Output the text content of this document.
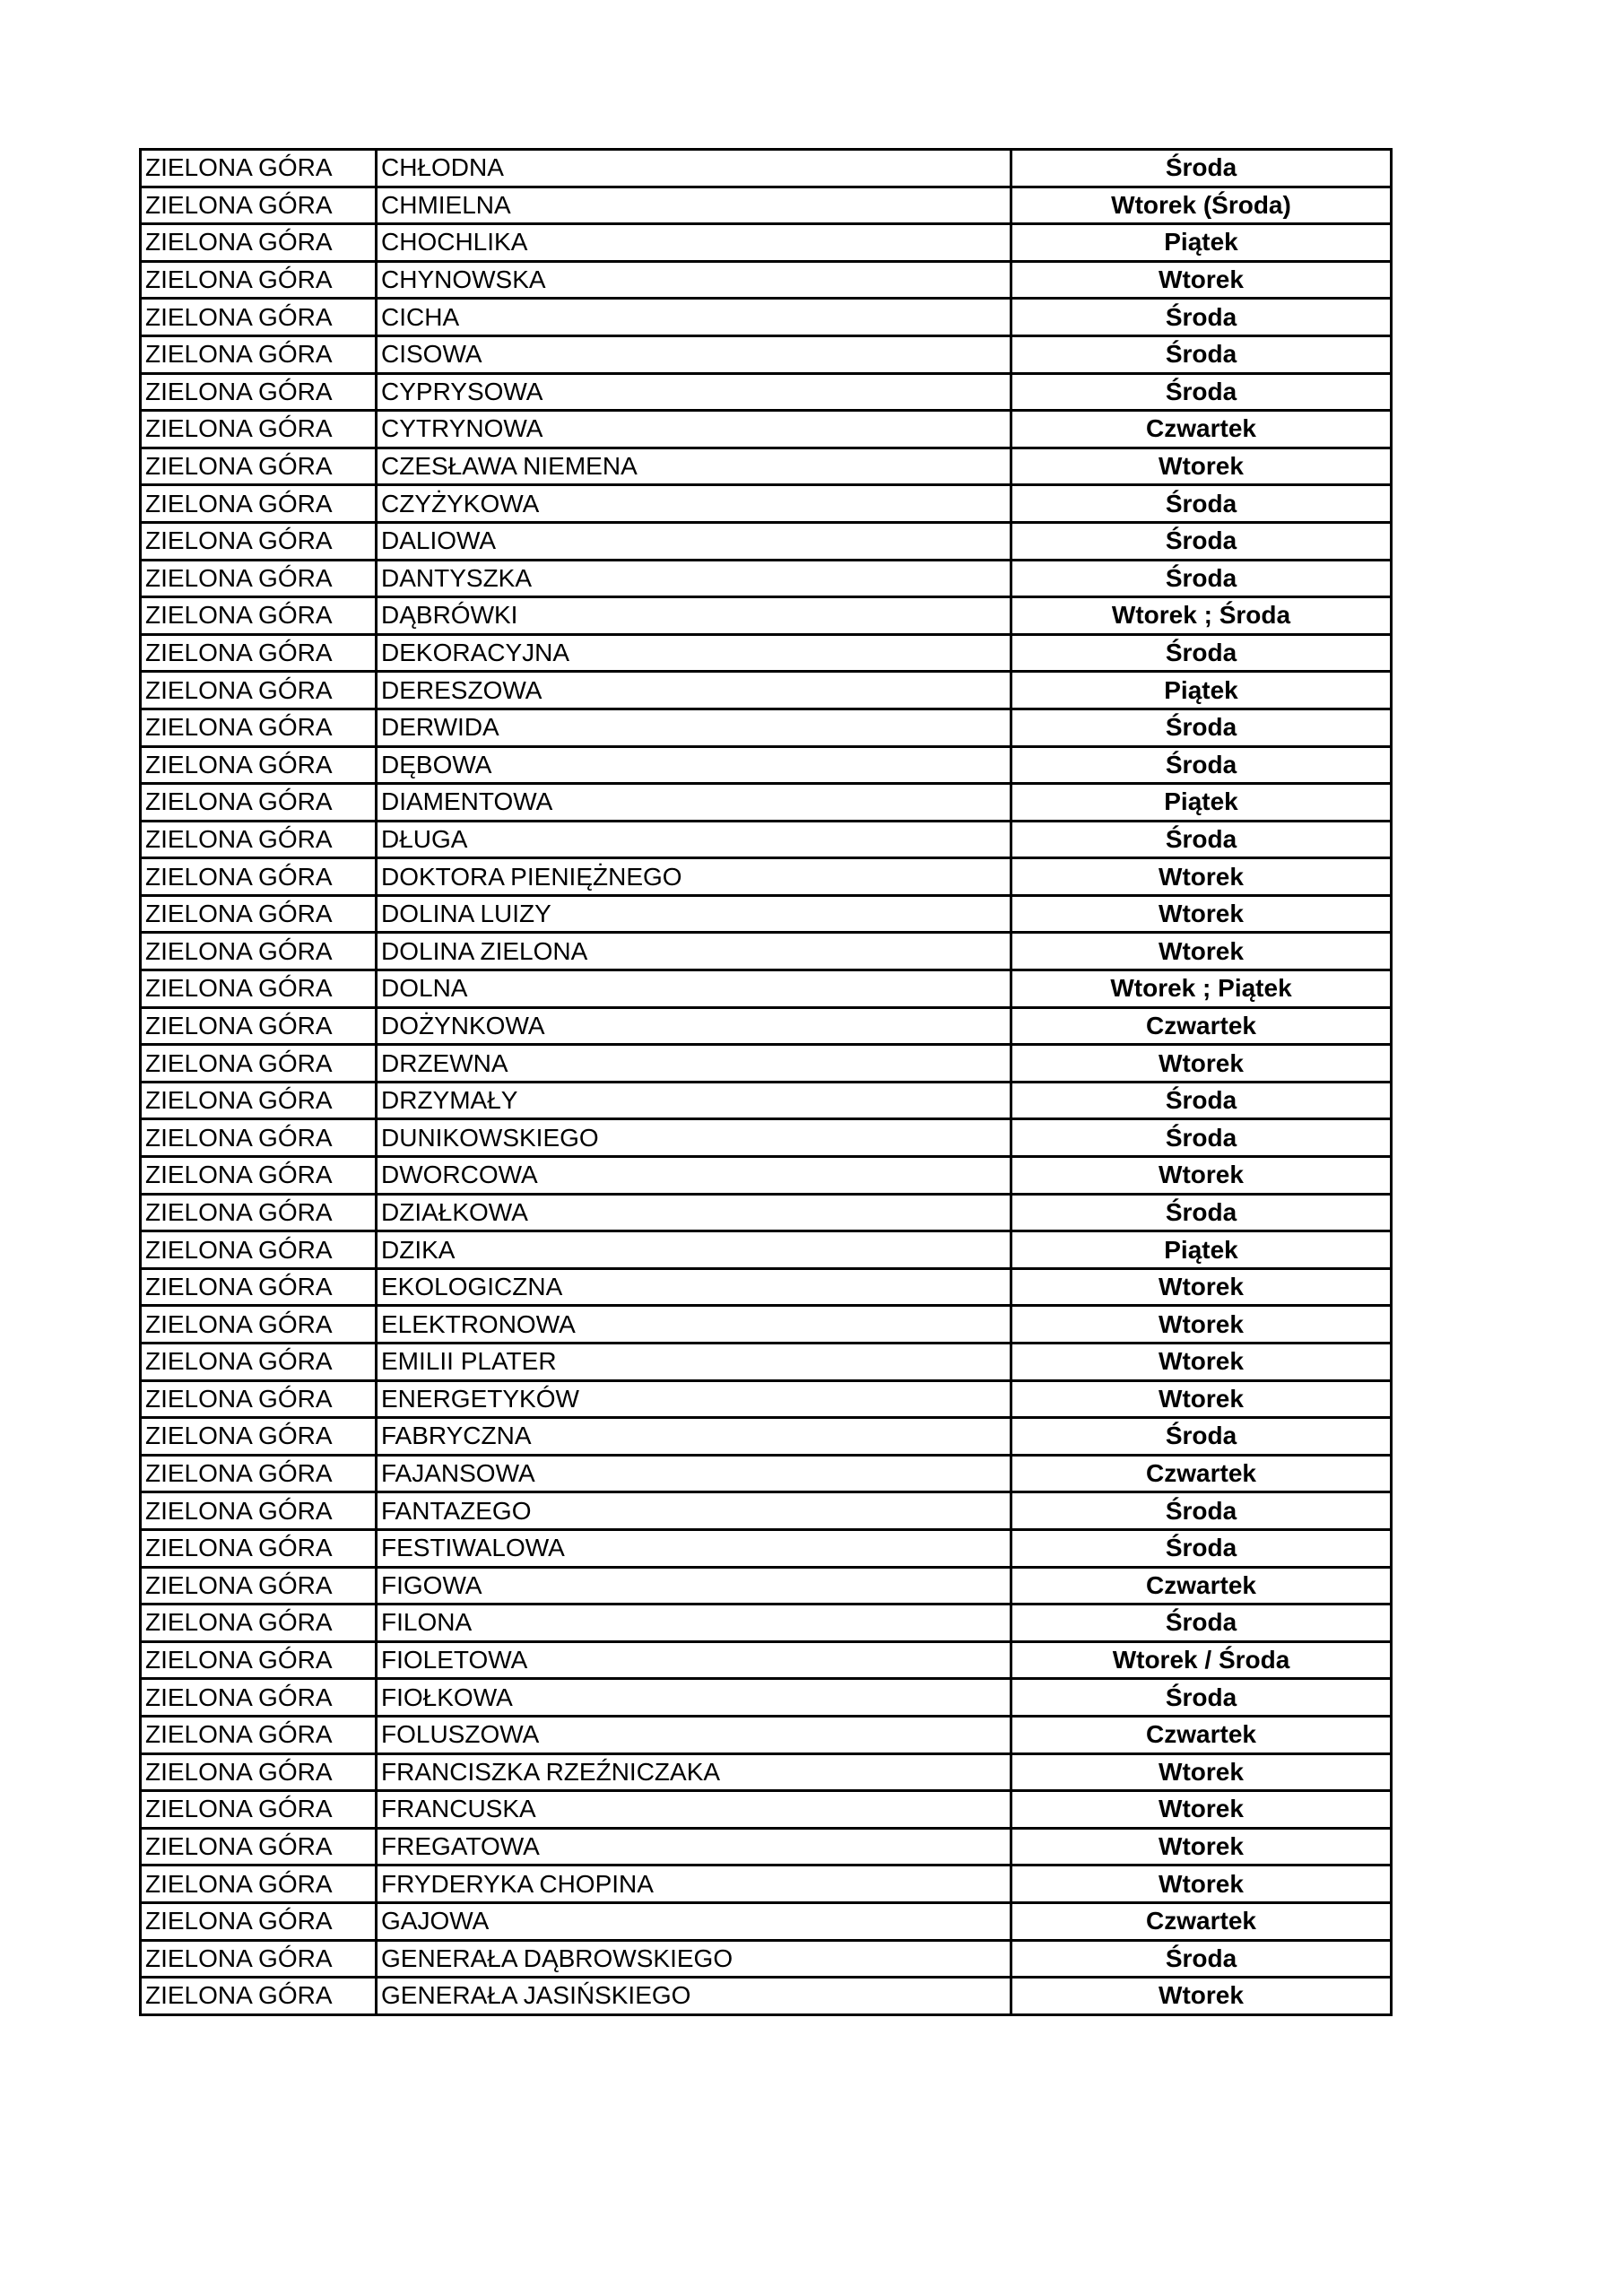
ZIELONA GÓRA	CHŁODNA	Środa
ZIELONA GÓRA	CHMIELNA	Wtorek (Środa)
ZIELONA GÓRA	CHOCHLIKA	Piątek
ZIELONA GÓRA	CHYNOWSKA	Wtorek
ZIELONA GÓRA	CICHA	Środa
ZIELONA GÓRA	CISOWA	Środa
ZIELONA GÓRA	CYPRYSOWA	Środa
ZIELONA GÓRA	CYTRYNOWA	Czwartek
ZIELONA GÓRA	CZESŁAWA NIEMENA	Wtorek
ZIELONA GÓRA	CZYŻYKOWA	Środa
ZIELONA GÓRA	DALIOWA	Środa
ZIELONA GÓRA	DANTYSZKA	Środa
ZIELONA GÓRA	DĄBRÓWKI	Wtorek ; Środa
ZIELONA GÓRA	DEKORACYJNA	Środa
ZIELONA GÓRA	DERESZOWA	Piątek
ZIELONA GÓRA	DERWIDA	Środa
ZIELONA GÓRA	DĘBOWA	Środa
ZIELONA GÓRA	DIAMENTOWA	Piątek
ZIELONA GÓRA	DŁUGA	Środa
ZIELONA GÓRA	DOKTORA PIENIĘŻNEGO	Wtorek
ZIELONA GÓRA	DOLINA LUIZY	Wtorek
ZIELONA GÓRA	DOLINA ZIELONA	Wtorek
ZIELONA GÓRA	DOLNA	Wtorek ; Piątek
ZIELONA GÓRA	DOŻYNKOWA	Czwartek
ZIELONA GÓRA	DRZEWNA	Wtorek
ZIELONA GÓRA	DRZYMAŁY	Środa
ZIELONA GÓRA	DUNIKOWSKIEGO	Środa
ZIELONA GÓRA	DWORCOWA	Wtorek
ZIELONA GÓRA	DZIAŁKOWA	Środa
ZIELONA GÓRA	DZIKA	Piątek
ZIELONA GÓRA	EKOLOGICZNA	Wtorek
ZIELONA GÓRA	ELEKTRONOWA	Wtorek
ZIELONA GÓRA	EMILII PLATER	Wtorek
ZIELONA GÓRA	ENERGETYKÓW	Wtorek
ZIELONA GÓRA	FABRYCZNA	Środa
ZIELONA GÓRA	FAJANSOWA	Czwartek
ZIELONA GÓRA	FANTAZEGO	Środa
ZIELONA GÓRA	FESTIWALOWA	Środa
ZIELONA GÓRA	FIGOWA	Czwartek
ZIELONA GÓRA	FILONA	Środa
ZIELONA GÓRA	FIOLETOWA	Wtorek / Środa
ZIELONA GÓRA	FIOŁKOWA	Środa
ZIELONA GÓRA	FOLUSZOWA	Czwartek
ZIELONA GÓRA	FRANCISZKA RZEŹNICZAKA	Wtorek
ZIELONA GÓRA	FRANCUSKA	Wtorek
ZIELONA GÓRA	FREGATOWA	Wtorek
ZIELONA GÓRA	FRYDERYKA CHOPINA	Wtorek
ZIELONA GÓRA	GAJOWA	Czwartek
ZIELONA GÓRA	GENERAŁA DĄBROWSKIEGO	Środa
ZIELONA GÓRA	GENERAŁA JASIŃSKIEGO	Wtorek
